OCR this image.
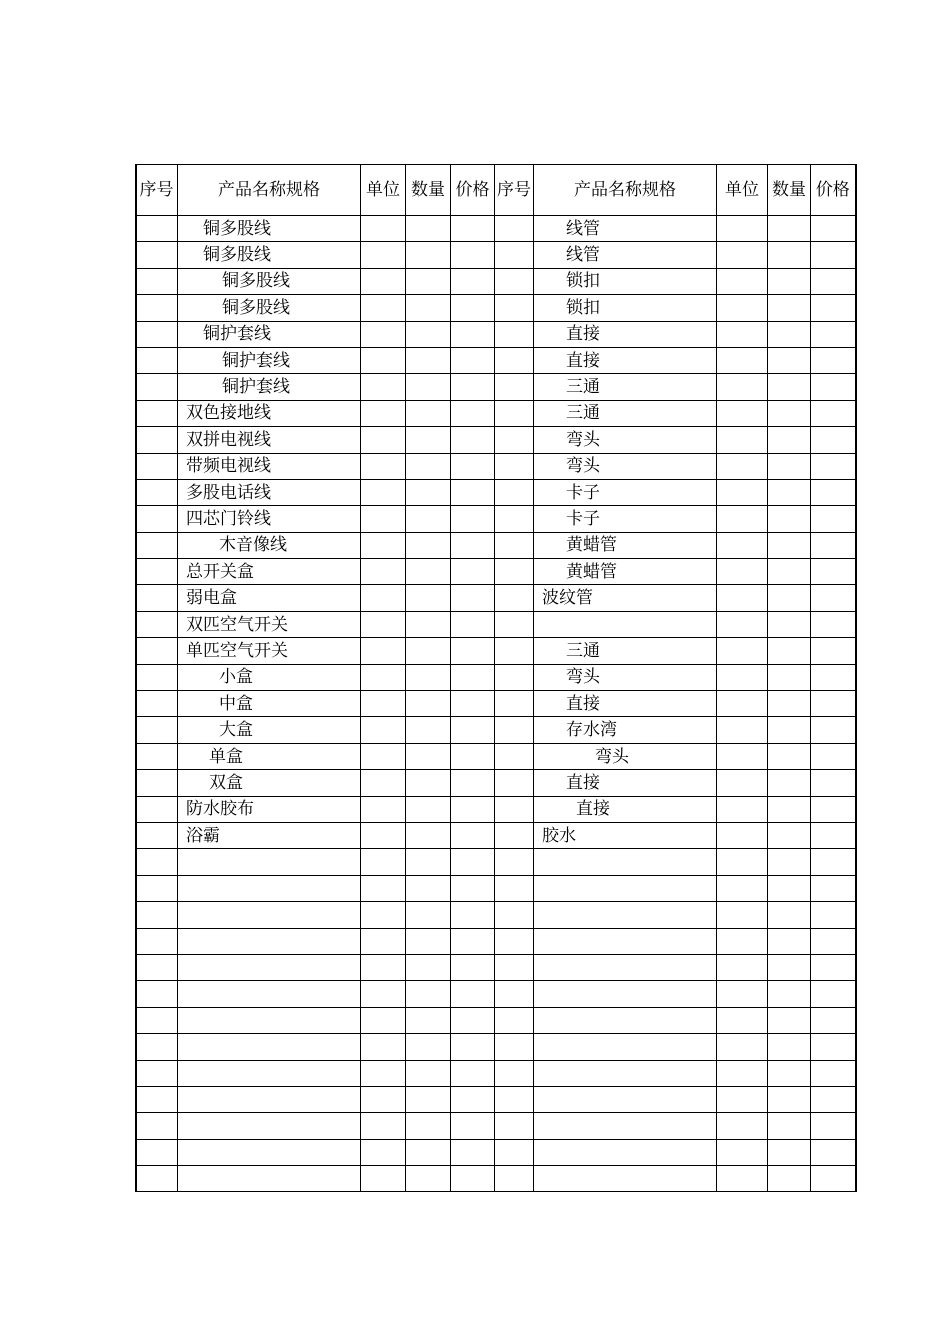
序号	产品名称规格	单位	数量	价格	序号	产品名称规格	单位	数量	价格
	铜多股线					线管			
	铜多股线					线管			
	铜多股线					锁扣			
	铜多股线					锁扣			
	铜护套线					直接			
	铜护套线					直接			
	铜护套线					三通			
	双色接地线					三通			
	双拼电视线					弯头			
	带频电视线					弯头			
	多股电话线					卡子			
	四芯门铃线					卡子			
	木音像线					黄蜡管			
	总开关盒					黄蜡管			
	弱电盒					波纹管			
	双匹空气开关								
	单匹空气开关					三通			
	小盒					弯头			
	中盒					直接			
	大盒					存水湾			
	单盒					弯头			
	双盒					直接			
	防水胶布					直接			
	浴霸					胶水			
